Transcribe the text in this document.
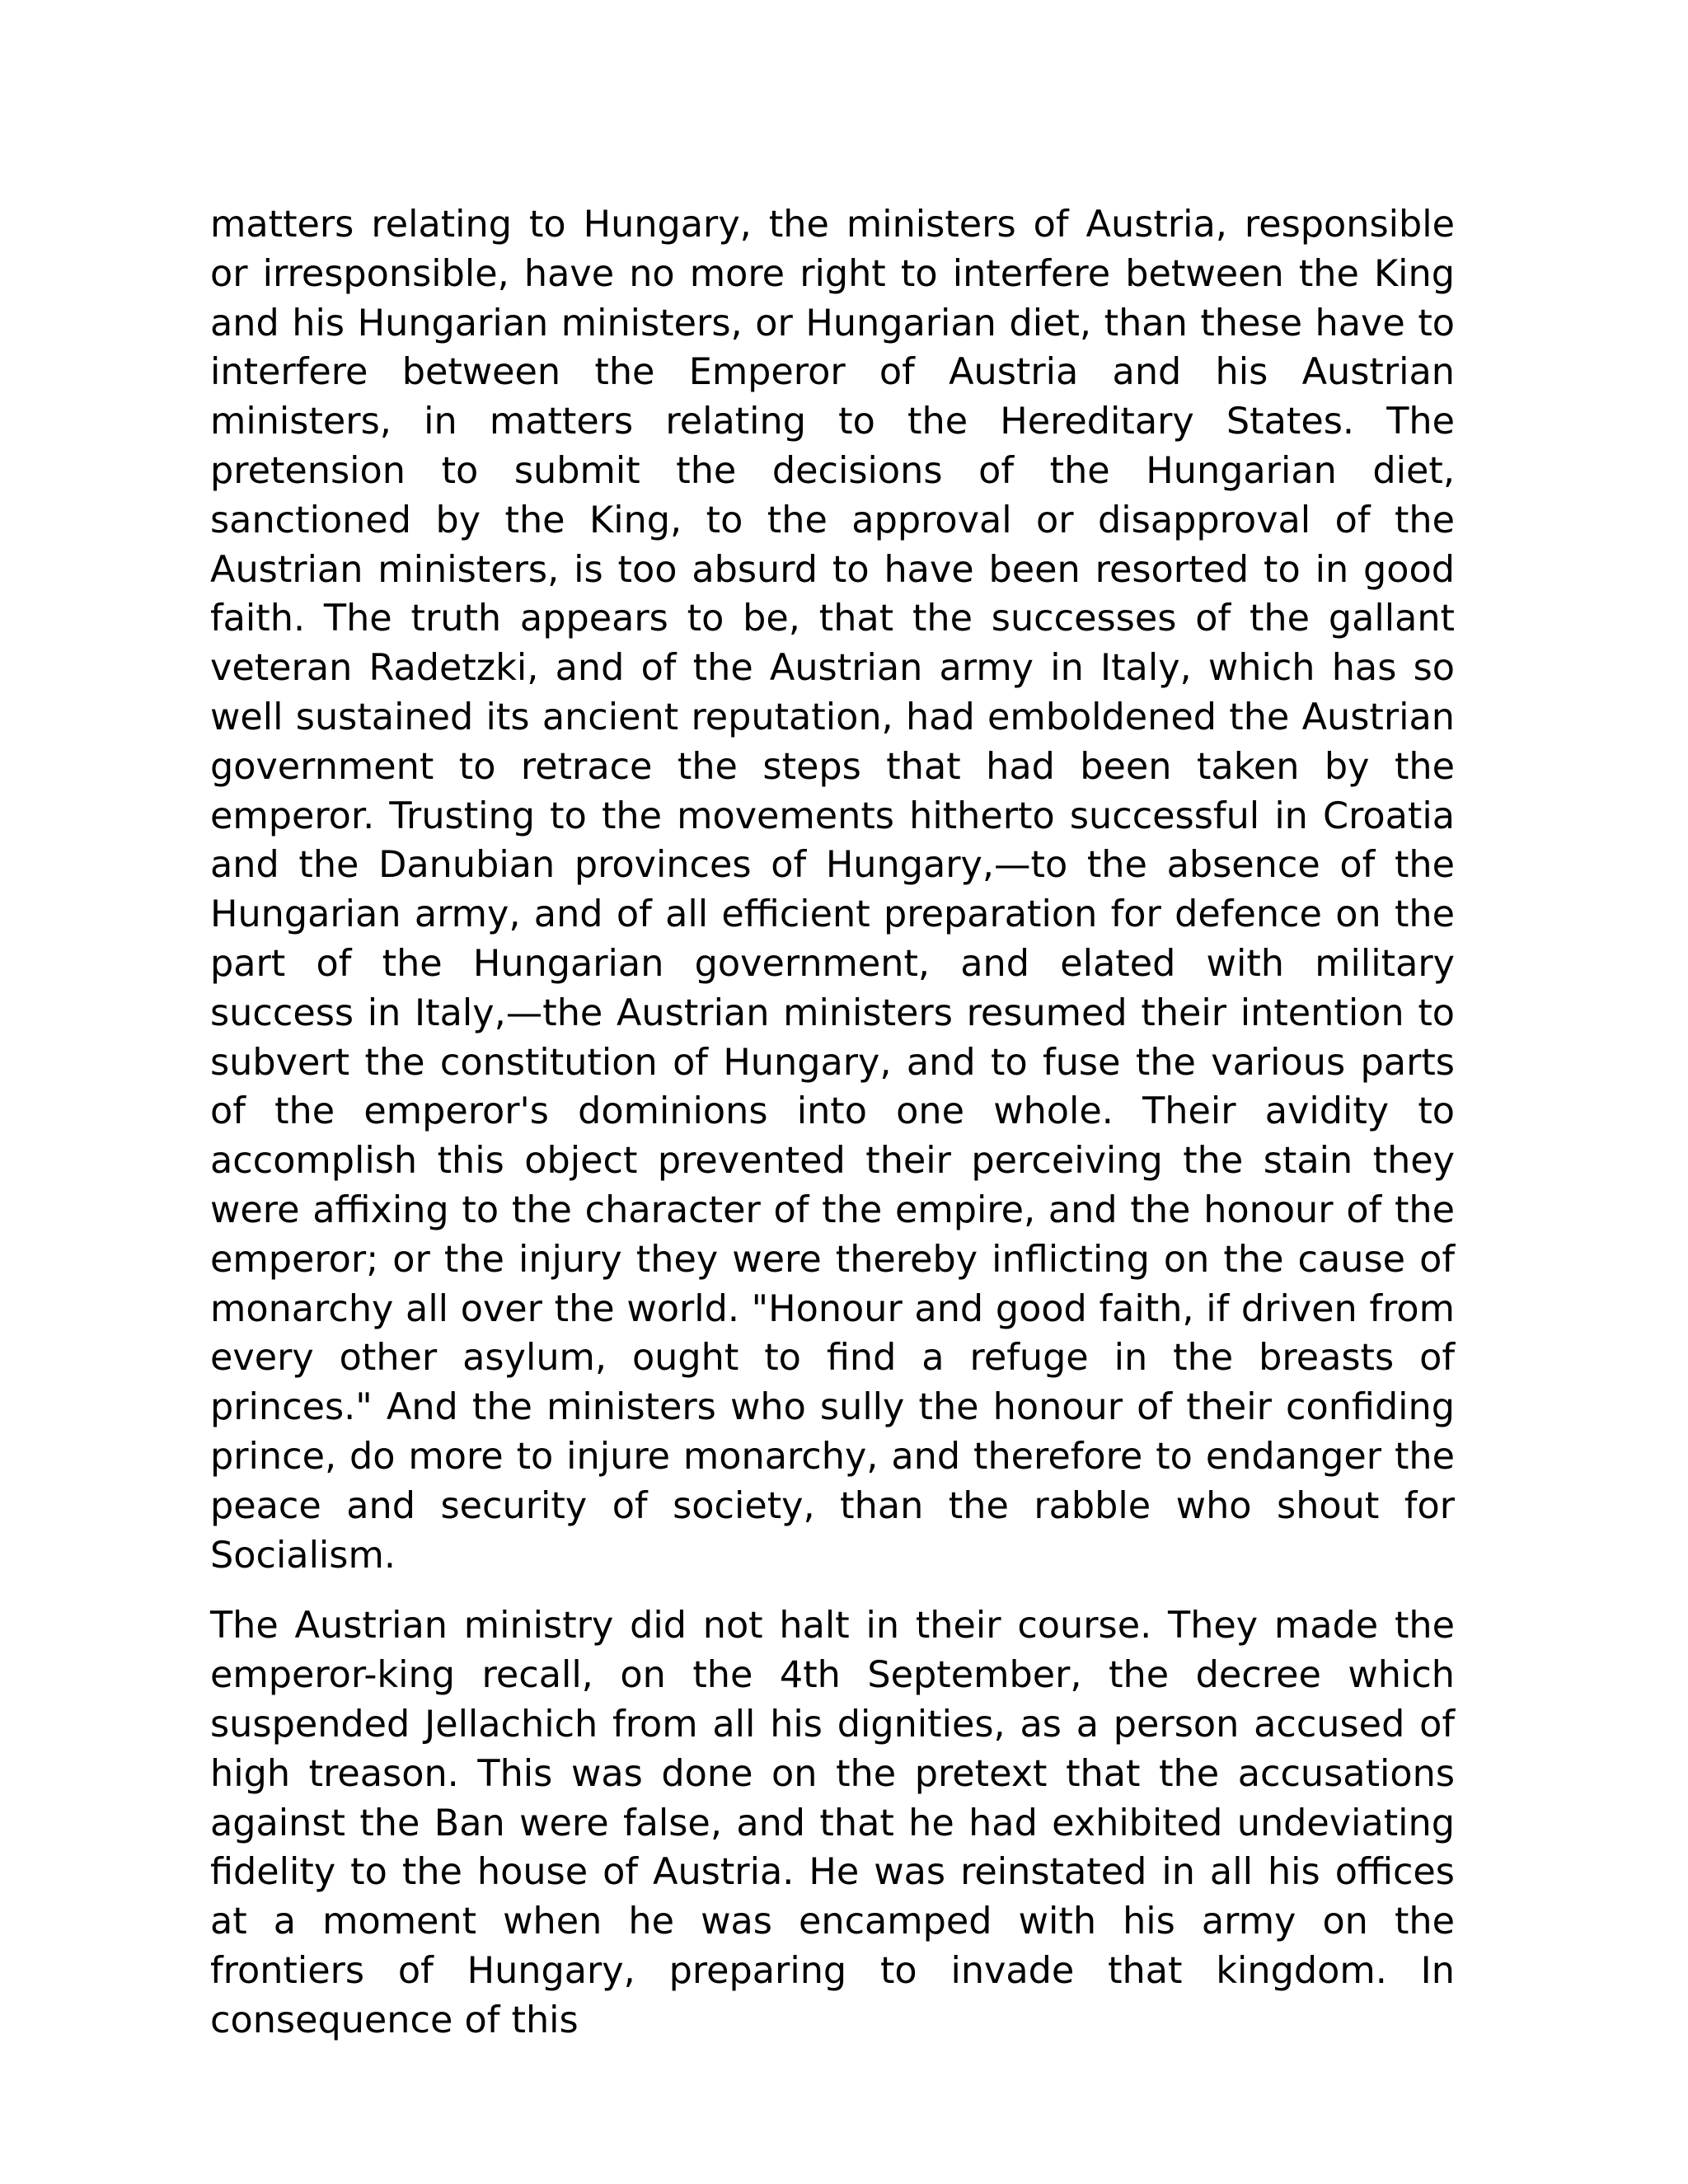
matters relating to Hungary, the ministers of Austria, responsible or irresponsible, have no more right to interfere between the King and his Hungarian ministers, or Hungarian diet, than these have to interfere between the Emperor of Austria and his Austrian ministers, in matters relating to the Hereditary States. The pretension to submit the decisions of the Hungarian diet, sanctioned by the King, to the approval or disapproval of the Austrian ministers, is too absurd to have been resorted to in good faith. The truth appears to be, that the successes of the gallant veteran Radetzki, and of the Austrian army in Italy, which has so well sustained its ancient reputation, had emboldened the Austrian government to retrace the steps that had been taken by the emperor. Trusting to the movements hitherto successful in Croatia and the Danubian provinces of Hungary,—to the absence of the Hungarian army, and of all efficient preparation for defence on the part of the Hungarian government, and elated with military success in Italy,—the Austrian ministers resumed their intention to subvert the constitution of Hungary, and to fuse the various parts of the emperor's dominions into one whole. Their avidity to accomplish this object prevented their perceiving the stain they were affixing to the character of the empire, and the honour of the emperor; or the injury they were thereby inflicting on the cause of monarchy all over the world. "Honour and good faith, if driven from every other asylum, ought to find a refuge in the breasts of princes." And the ministers who sully the honour of their confiding prince, do more to injure monarchy, and therefore to endanger the peace and security of society, than the rabble who shout for Socialism.

The Austrian ministry did not halt in their course. They made the emperor-king recall, on the 4th September, the decree which suspended Jellachich from all his dignities, as a person accused of high treason. This was done on the pretext that the accusations against the Ban were false, and that he had exhibited undeviating fidelity to the house of Austria. He was reinstated in all his offices at a moment when he was encamped with his army on the frontiers of Hungary, preparing to invade that kingdom. In consequence of this
